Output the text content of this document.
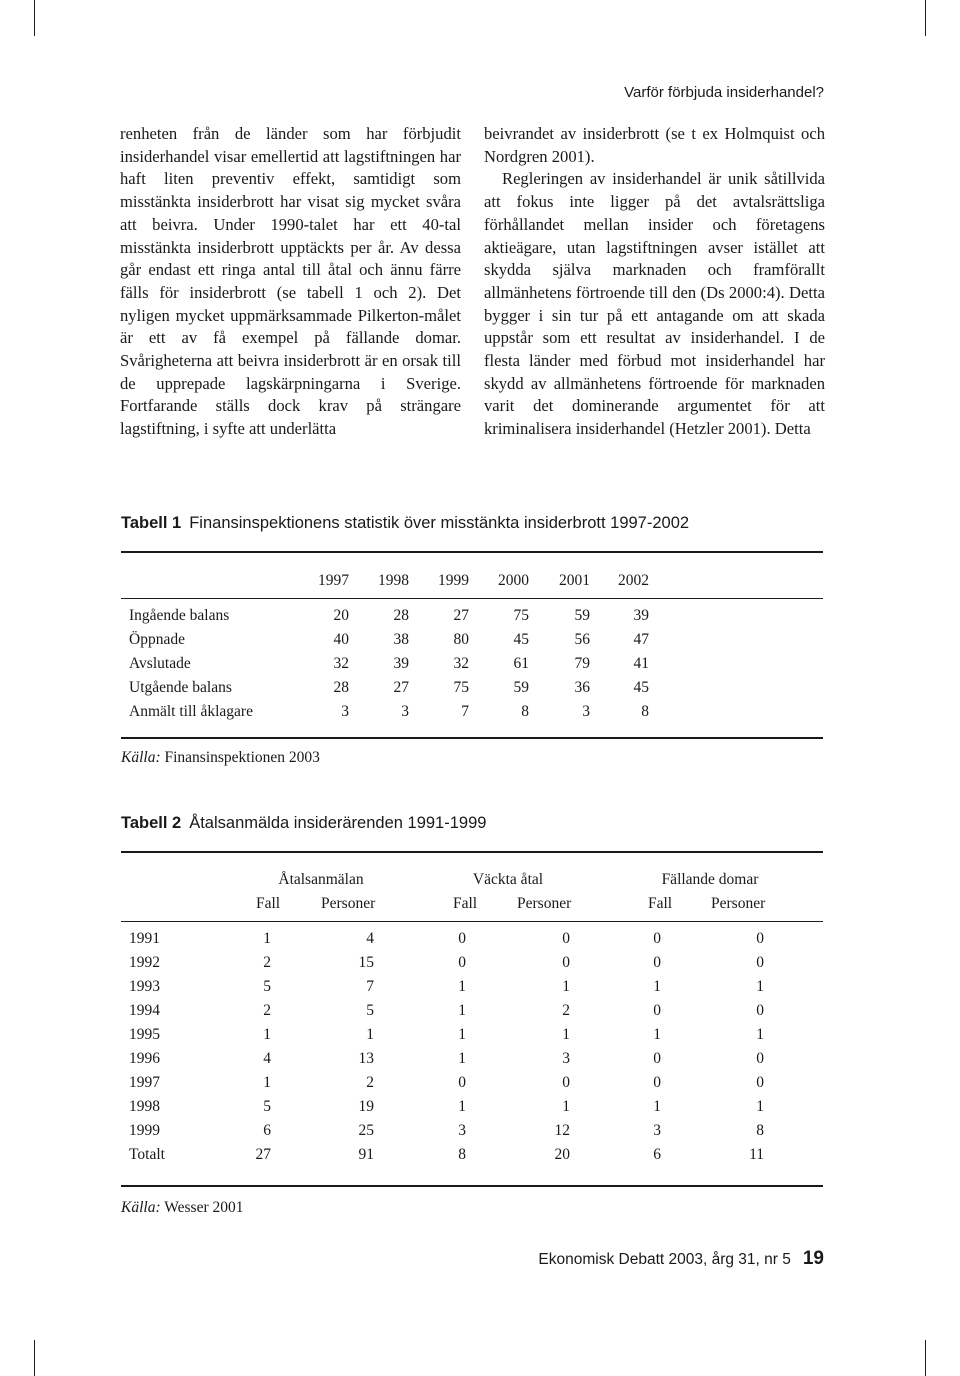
Varför förbjuda insiderhandel?

renheten från de länder som har förbjudit insiderhandel visar emellertid att lagstiftningen har haft liten preventiv effekt, samtidigt som misstänkta insiderbrott har visat sig mycket svåra att beivra. Under 1990-talet har ett 40-tal misstänkta insiderbrott upptäckts per år. Av dessa går endast ett ringa antal till åtal och ännu färre fälls för insiderbrott (se tabell 1 och 2). Det nyligen mycket uppmärksammade Pilkerton-målet är ett av få exempel på fällande domar. Svårigheterna att beivra insiderbrott är en orsak till de upprepade lagskärpningarna i Sverige. Fortfarande ställs dock krav på strängare lagstiftning, i syfte att underlätta

beivrandet av insiderbrott (se t ex Holmquist och Nordgren 2001).

Regleringen av insiderhandel är unik såtillvida att fokus inte ligger på det avtalsrättsliga förhållandet mellan insider och företagens aktieägare, utan lagstiftningen avser istället att skydda själva marknaden och framförallt allmänhetens förtroende till den (Ds 2000:4). Detta bygger i sin tur på ett antagande om att skada uppstår som ett resultat av insiderhandel. I de flesta länder med förbud mot insiderhandel har skydd av allmänhetens förtroende för marknaden varit det dominerande argumentet för att kriminalisera insiderhandel (Hetzler 2001). Detta

Tabell 1 Finansinspektionens statistik över misstänkta insiderbrott 1997-2002
1997 1998 1999 2000 2001 2002
Ingående balans	20	28	27	75	59	39
Öppnade	40	38	80	45	56	47
Avslutade	32	39	32	61	79	41
Utgående balans	28	27	75	59	36	45
Anmält till åklagare	3	3	7	8	3	8
Källa: Finansinspektionen 2003
Tabell 2 Åtalsanmälda insiderärenden 1991-1999
Åtalsanmälan	Väckta åtal	Fällande domar
Fall	Personer	Fall	Personer	Fall	Personer
1991	1	4	0	0	0	0
1992	2	15	0	0	0	0
1993	5	7	1	1	1	1
1994	2	5	1	2	0	0
1995	1	1	1	1	1	1
1996	4	13	1	3	0	0
1997	1	2	0	0	0	0
1998	5	19	1	1	1	1
1999	6	25	3	12	3	8
Totalt	27	91	8	20	6	11
Källa: Wesser 2001
Ekonomisk Debatt 2003, årg 31, nr 5 19
